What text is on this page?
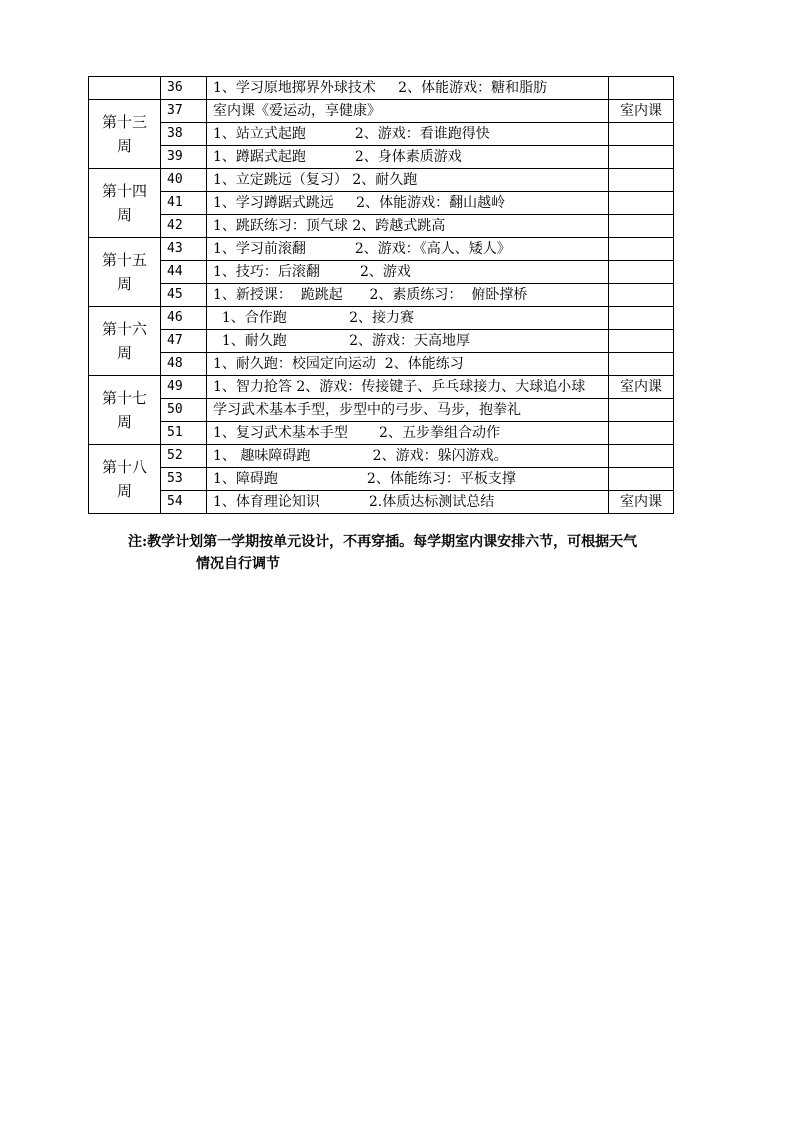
	36	1、学习原地掷界外球技术     2、体能游戏：糖和脂肪	
第十三
周	37	室内课《爱运动，享健康》	室内课
	38	1、站立式起跑           2、游戏：看谁跑得快	
	39	1、蹲踞式起跑           2、身体素质游戏	
第十四
周	40	1、立定跳远（复习） 2、耐久跑	
	41	1、学习蹲踞式跳远     2、体能游戏：翻山越岭	
	42	1、跳跃练习：顶气球 2、跨越式跳高	
第十五
周	43	1、学习前滚翻           2、游戏：《高人、矮人》	
	44	1、技巧：后滚翻         2、游戏	
	45	1、新授课：  跪跳起      2、素质练习：  俯卧撑桥	
第十六
周	46	1、合作跑              2、接力赛	
	47	1、耐久跑              2、游戏：天高地厚	
	48	1、耐久跑：校园定向运动  2、体能练习	
第十七
周	49	1、智力抢答 2、游戏：传接键子、乒乓球接力、大球追小球	室内课
	50	学习武术基本手型，步型中的弓步、马步，抱拳礼	
	51	1、复习武术基本手型       2、五步拳组合动作	
第十八
周	52	1、 趣味障碍跑              2、游戏：躲闪游戏。	
	53	1、障碍跑                    2、体能练习：平板支撑	
	54	1、体育理论知识           2.体质达标测试总结	室内课
注:教学计划第一学期按单元设计，不再穿插。每学期室内课安排六节，可根据天气
情况自行调节
